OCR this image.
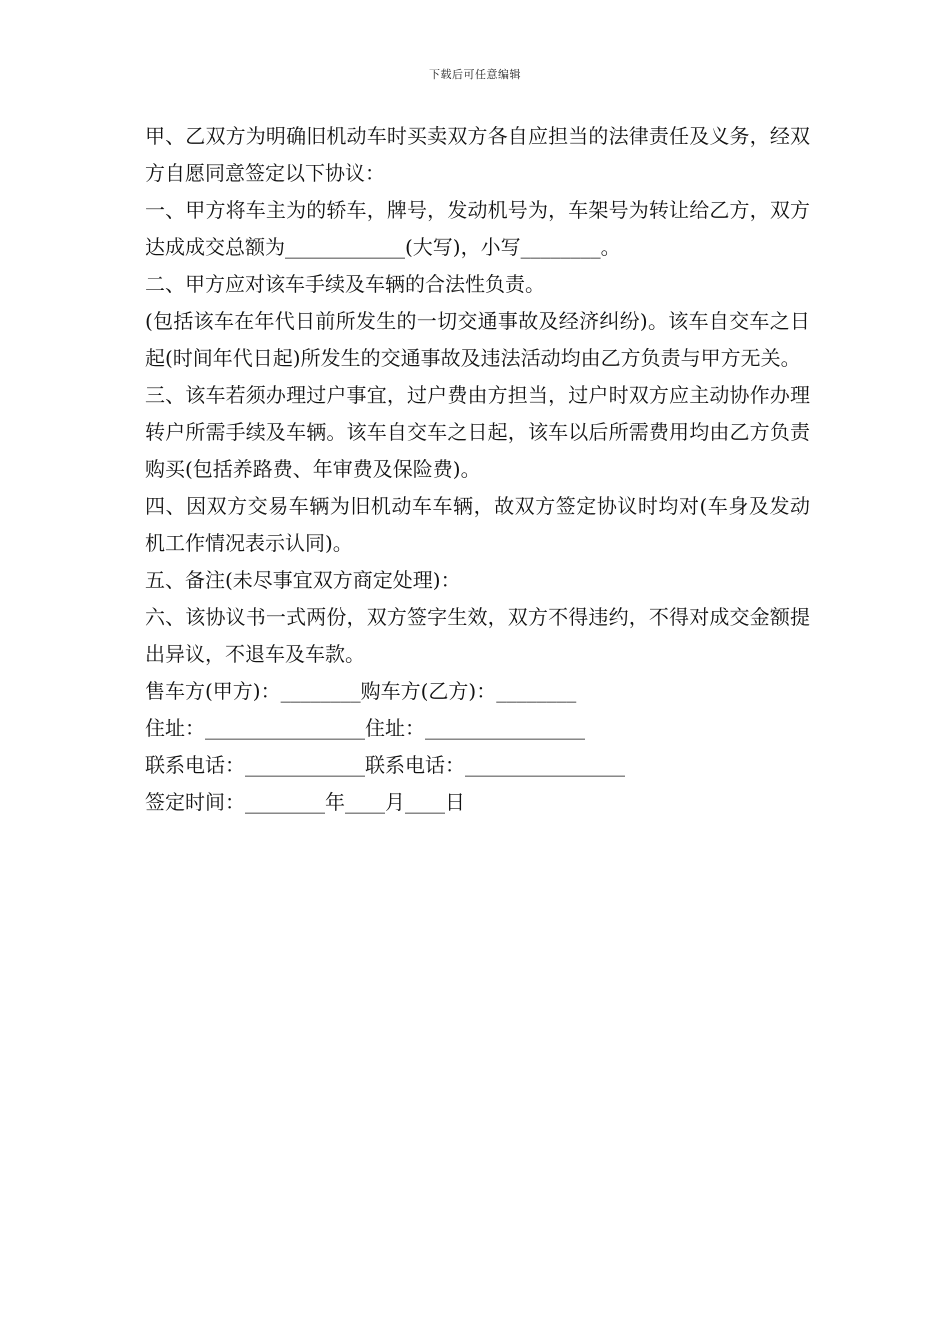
下载后可任意编辑

甲、乙双方为明确旧机动车时买卖双方各自应担当的法律责任及义务，经双方自愿同意签定以下协议：

一、甲方将车主为的轿车，牌号，发动机号为，车架号为转让给乙方，双方达成成交总额为____________(大写)，小写________。

二、甲方应对该车手续及车辆的合法性负责。

(包括该车在年代日前所发生的一切交通事故及经济纠纷)。该车自交车之日起(时间年代日起)所发生的交通事故及违法活动均由乙方负责与甲方无关。

三、该车若须办理过户事宜，过户费由方担当，过户时双方应主动协作办理转户所需手续及车辆。该车自交车之日起，该车以后所需费用均由乙方负责购买(包括养路费、年审费及保险费)。

四、因双方交易车辆为旧机动车车辆，故双方签定协议时均对(车身及发动机工作情况表示认同)。

五、备注(未尽事宜双方商定处理)：

六、该协议书一式两份，双方签字生效，双方不得违约，不得对成交金额提出异议，不退车及车款。

售车方(甲方)：________购车方(乙方)：________

住址：________________住址：________________

联系电话：____________联系电话：________________

签定时间：________年____月____日
